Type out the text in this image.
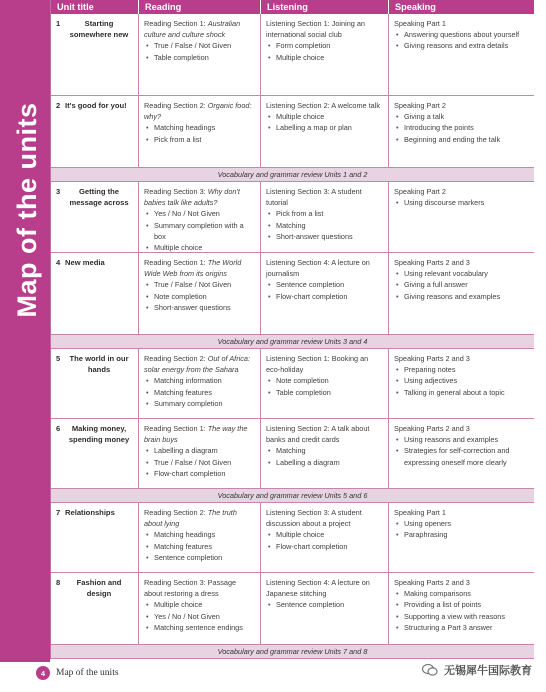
Map of the units
Unit title	Reading	Listening	Speaking
1	Starting somewhere new
Reading Section 1: Australian culture and culture shock
• True / False / Not Given
• Table completion
Listening Section 1: Joining an international social club
• Form completion
• Multiple choice
Speaking Part 1
• Answering questions about yourself
• Giving reasons and extra details
2 It's good for you!	Reading Section 2: Organic food: why?
• Matching headings
• Pick from a list
Listening Section 2: A welcome talk
• Multiple choice
• Labelling a map or plan
Speaking Part 2
• Giving a talk
• Introducing the points
• Beginning and ending the talk
Vocabulary and grammar review Units 1 and 2
3	Getting the message across
Reading Section 3: Why don't babies talk like adults?
• Yes / No / Not Given
• Summary completion with a box
• Multiple choice
Listening Section 3: A student tutorial
• Pick from a list
• Matching
• Short-answer questions
Speaking Part 2
• Using discourse markers
4 New media	Reading Section 1: The World Wide Web from its origins
• True / False / Not Given
• Note completion
• Short-answer questions
Listening Section 4: A lecture on journalism
• Sentence completion
• Flow-chart completion
Speaking Parts 2 and 3
• Using relevant vocabulary
• Giving a full answer
• Giving reasons and examples
Vocabulary and grammar review Units 3 and 4
5	The world in our hands
Reading Section 2: Out of Africa: solar energy from the Sahara
• Matching information
• Matching features
• Summary completion
Listening Section 1: Booking an eco-holiday
• Note completion
• Table completion
Speaking Parts 2 and 3
• Preparing notes
• Using adjectives
• Talking in general about a topic
6	Making money, spending money
Reading Section 1: The way the brain buys
• Labelling a diagram
• True / False / Not Given
• Flow-chart completion
Listening Section 2: A talk about banks and credit cards
• Matching
• Labelling a diagram
Speaking Parts 2 and 3
• Using reasons and examples
• Strategies for self-correction and expressing oneself more clearly
Vocabulary and grammar review Units 5 and 6
7 Relationships	Reading Section 2: The truth about lying
• Matching headings
• Matching features
• Sentence completion
Listening Section 3: A student discussion about a project
• Multiple choice
• Flow-chart completion
Speaking Part 1
• Using openers
• Paraphrasing
8	Fashion and design
Reading Section 3: Passage about restoring a dress
• Multiple choice
• Yes / No / Not Given
• Matching sentence endings
Listening Section 4: A lecture on Japanese stitching
• Sentence completion
Speaking Parts 2 and 3
• Making comparisons
• Providing a list of points
• Supporting a view with reasons
• Structuring a Part 3 answer
Vocabulary and grammar review Units 7 and 8
4	Map of the units	无锡犀牛国际教育
